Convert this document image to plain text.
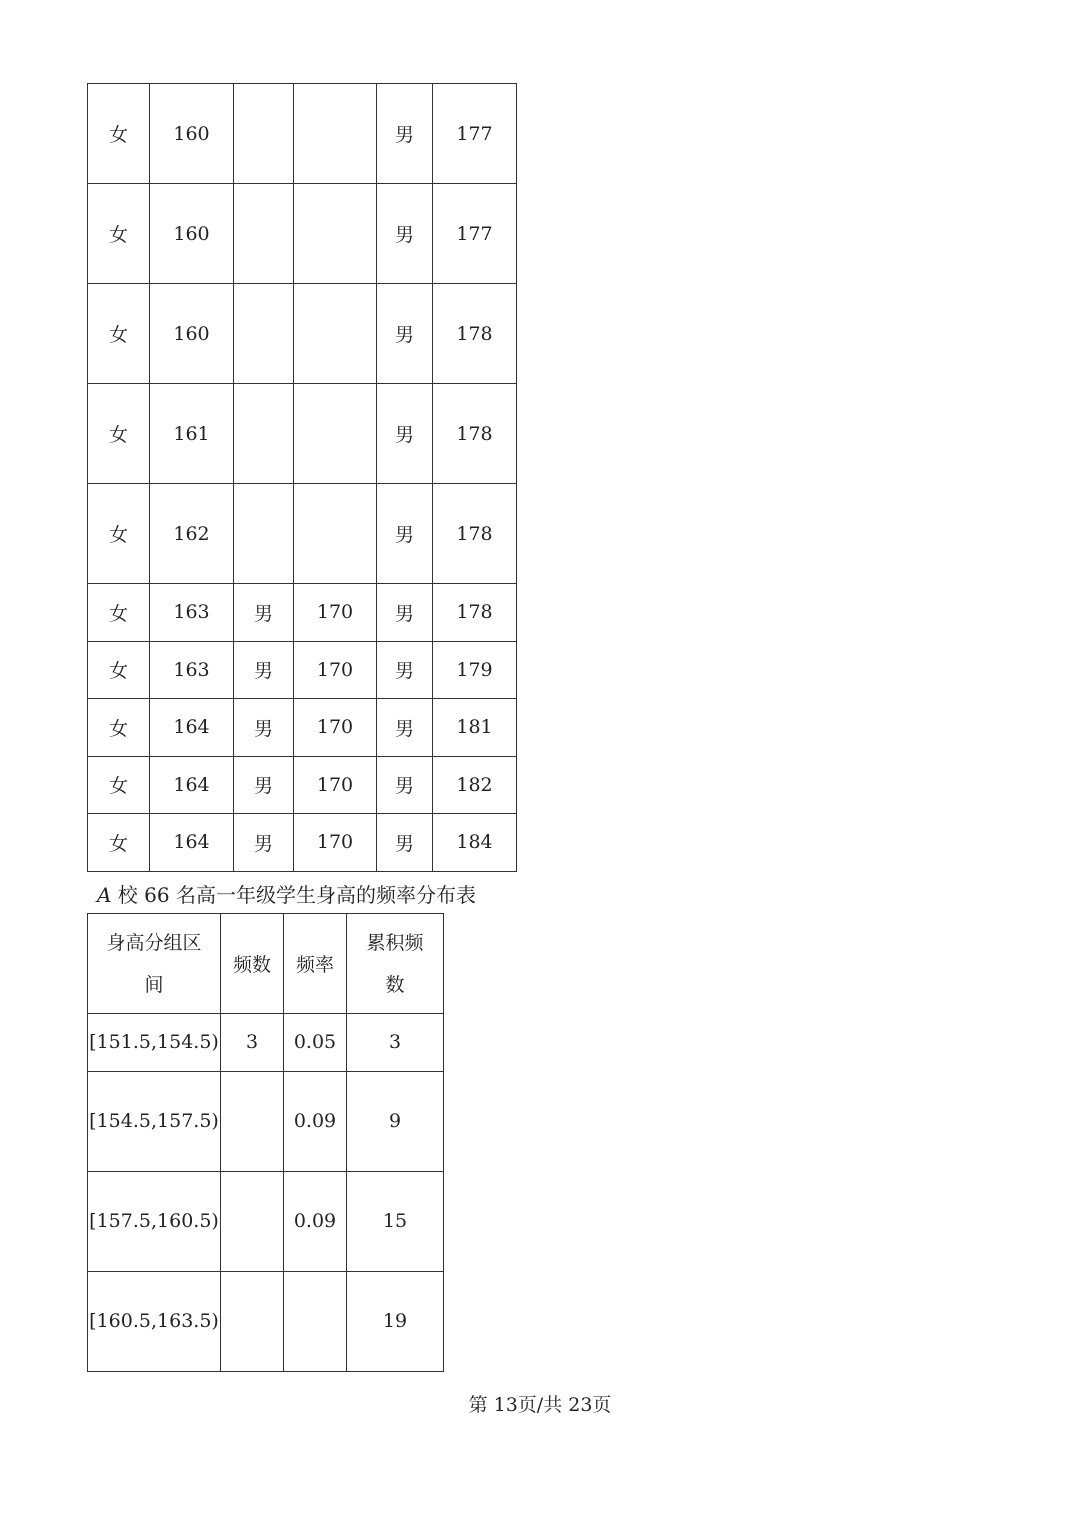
女	160			男	177
女	160			男	177
女	160			男	178
女	161			男	178
女	162			男	178
女	163	男	170	男	178
女	163	男	170	男	179
女	164	男	170	男	181
女	164	男	170	男	182
女	164	男	170	男	184
A 校 66 名高一年级学生身高的频率分布表
身高分组区
间	频数	频率	累积频
数
[151.5,154.5)	3	0.05	3
[154.5,157.5)		0.09	9
[157.5,160.5)		0.09	15
[160.5,163.5)			19
第 13页/共 23页
